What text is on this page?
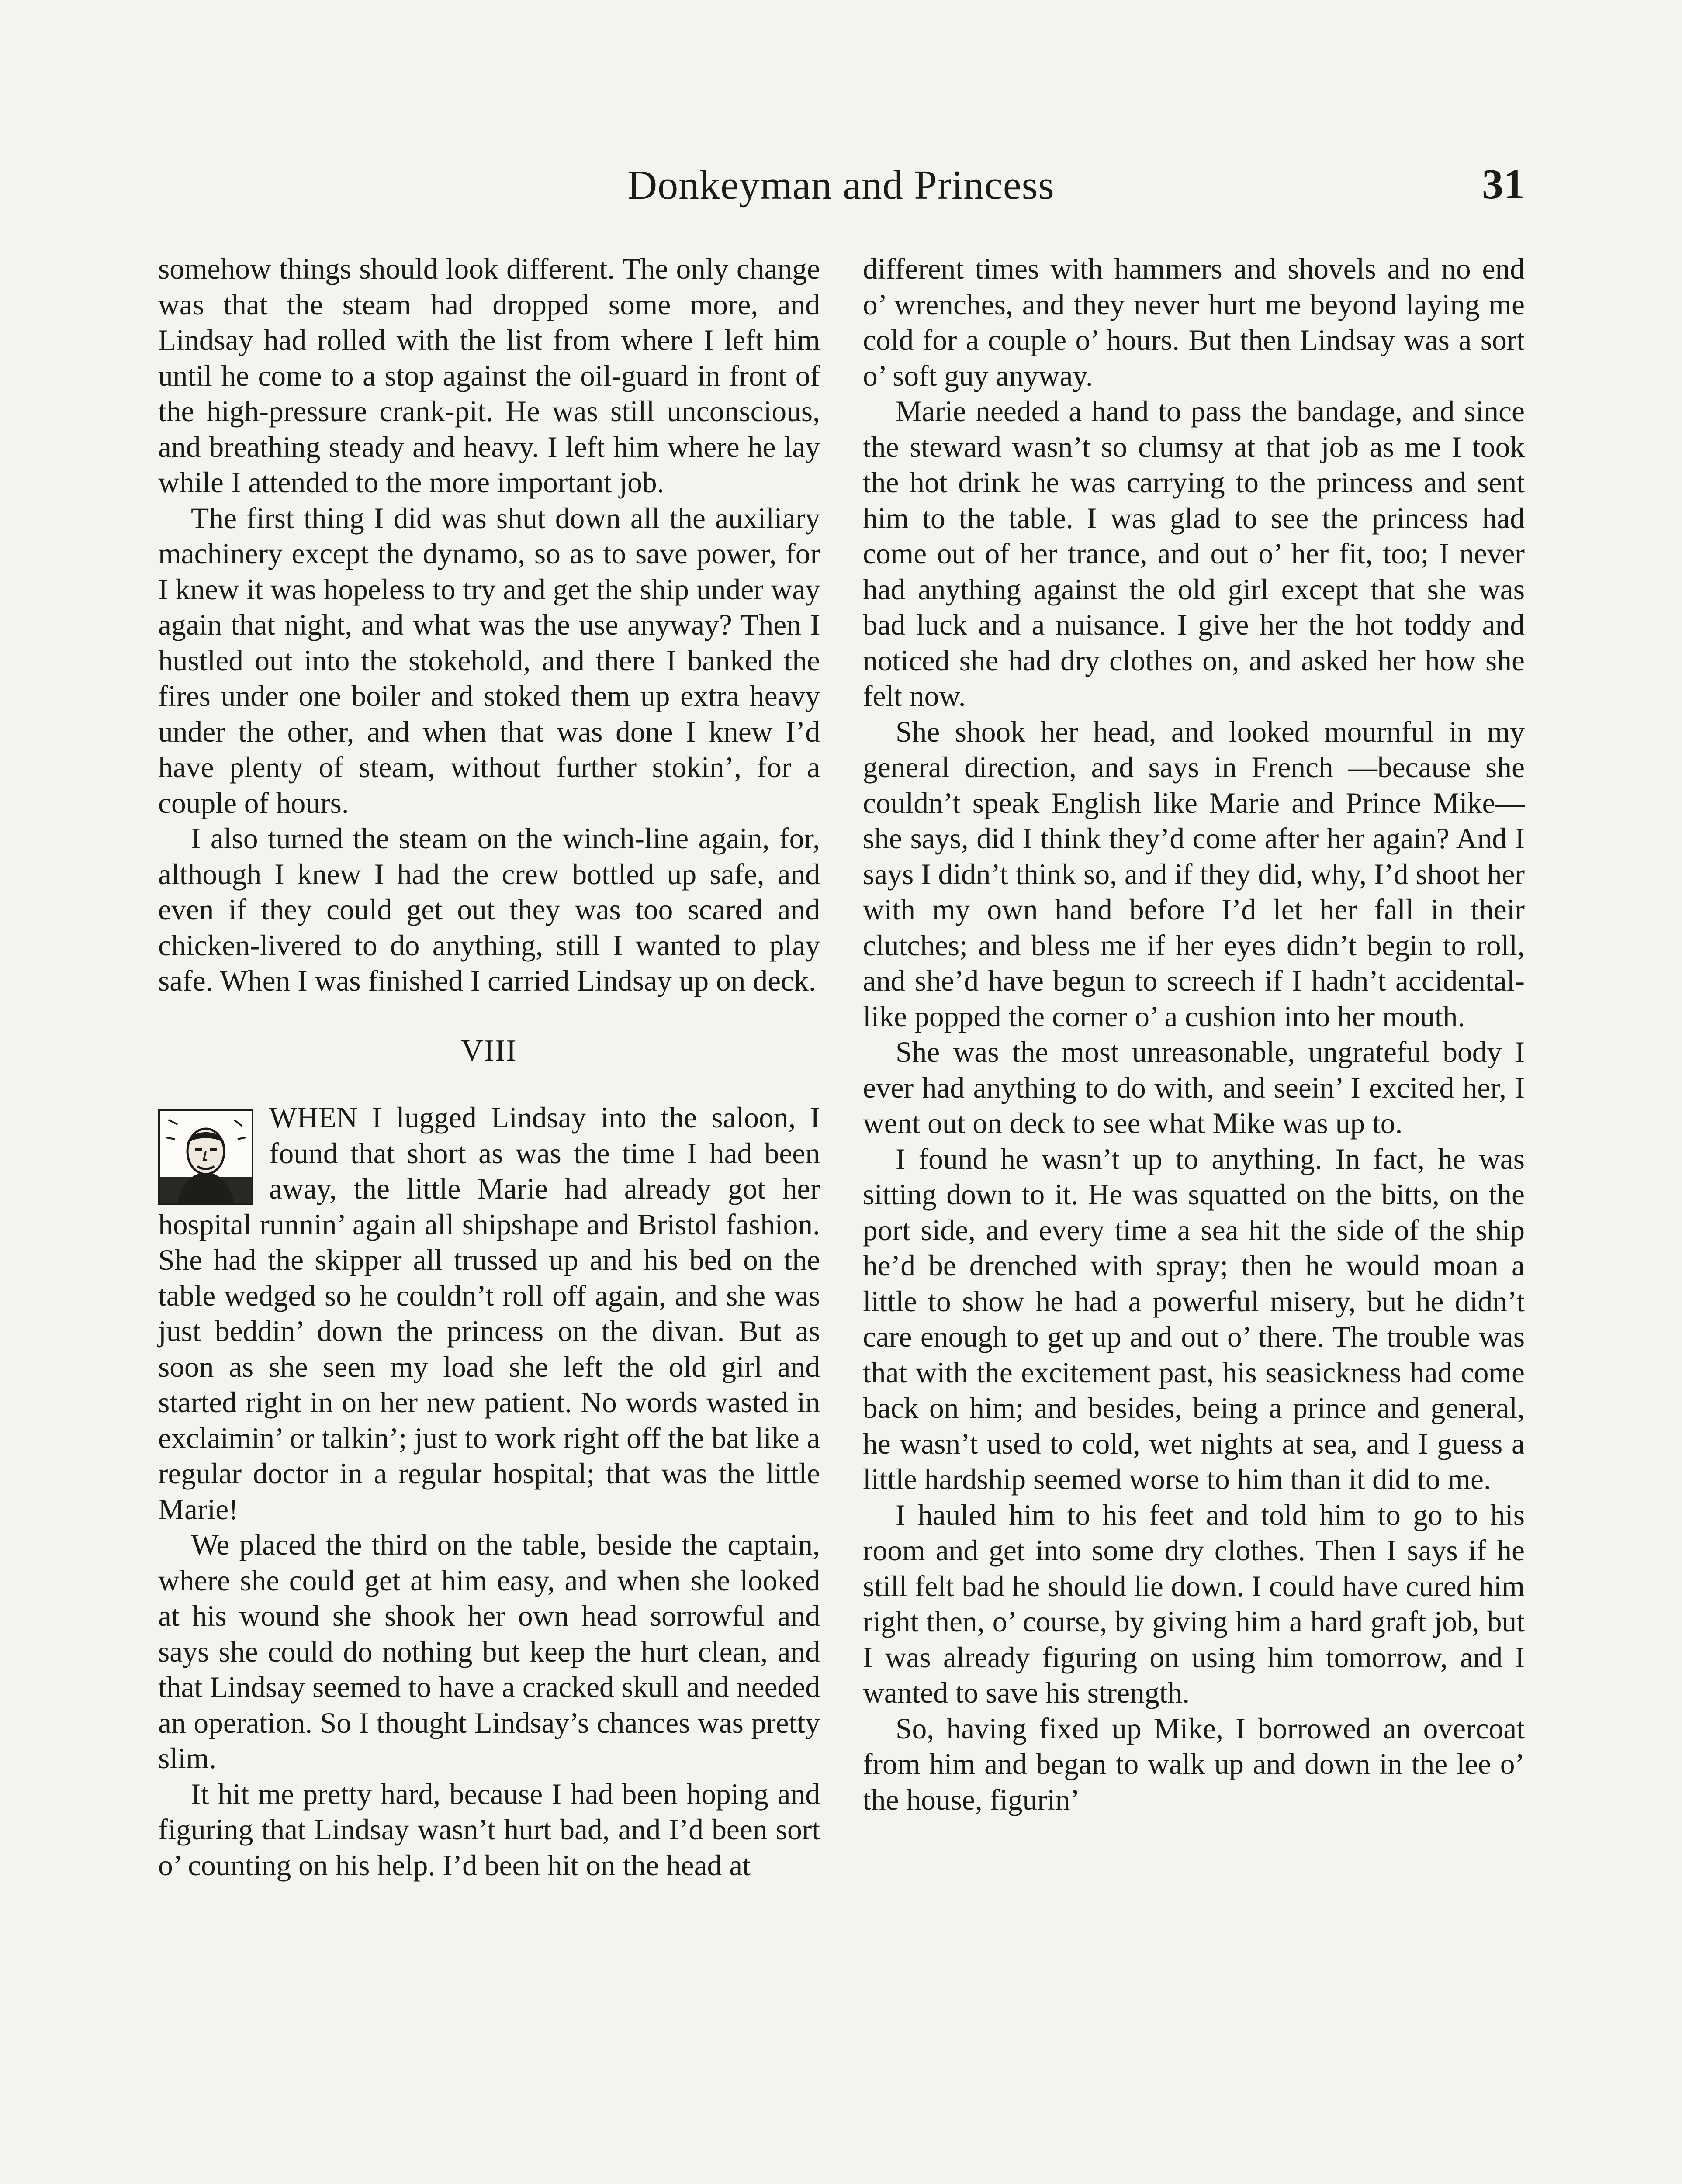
Donkeyman and Princess	31

somehow things should look different. The only change was that the steam had dropped some more, and Lindsay had rolled with the list from where I left him until he come to a stop against the oil-guard in front of the high-pressure crank-pit. He was still unconscious, and breathing steady and heavy. I left him where he lay while I attended to the more important job.

The first thing I did was shut down all the auxiliary machinery except the dynamo, so as to save power, for I knew it was hopeless to try and get the ship under way again that night, and what was the use anyway? Then I hustled out into the stokehold, and there I banked the fires under one boiler and stoked them up extra heavy under the other, and when that was done I knew I’d have plenty of steam, without further stokin’, for a couple of hours.

I also turned the steam on the winch-line again, for, although I knew I had the crew bottled up safe, and even if they could get out they was too scared and chicken-livered to do anything, still I wanted to play safe. When I was finished I carried Lindsay up on deck.

VIII

WHEN I lugged Lindsay into the saloon, I found that short as was the time I had been away, the little Marie had already got her hospital runnin’ again all shipshape and Bristol fashion. She had the skipper all trussed up and his bed on the table wedged so he couldn’t roll off again, and she was just beddin’ down the princess on the divan. But as soon as she seen my load she left the old girl and started right in on her new patient. No words wasted in exclaimin’ or talkin’; just to work right off the bat like a regular doctor in a regular hospital; that was the little Marie!

We placed the third on the table, beside the captain, where she could get at him easy, and when she looked at his wound she shook her own head sorrowful and says she could do nothing but keep the hurt clean, and that Lindsay seemed to have a cracked skull and needed an operation. So I thought Lindsay’s chances was pretty slim.

It hit me pretty hard, because I had been hoping and figuring that Lindsay wasn’t hurt bad, and I’d been sort o’ counting on his help. I’d been hit on the head at

different times with hammers and shovels and no end o’ wrenches, and they never hurt me beyond laying me cold for a couple o’ hours. But then Lindsay was a sort o’ soft guy anyway.

Marie needed a hand to pass the bandage, and since the steward wasn’t so clumsy at that job as me I took the hot drink he was carrying to the princess and sent him to the table. I was glad to see the princess had come out of her trance, and out o’ her fit, too; I never had anything against the old girl except that she was bad luck and a nuisance. I give her the hot toddy and noticed she had dry clothes on, and asked her how she felt now.

She shook her head, and looked mournful in my general direction, and says in French —because she couldn’t speak English like Marie and Prince Mike—she says, did I think they’d come after her again? And I says I didn’t think so, and if they did, why, I’d shoot her with my own hand before I’d let her fall in their clutches; and bless me if her eyes didn’t begin to roll, and she’d have begun to screech if I hadn’t accidental-like popped the corner o’ a cushion into her mouth.

She was the most unreasonable, ungrateful body I ever had anything to do with, and seein’ I excited her, I went out on deck to see what Mike was up to.

I found he wasn’t up to anything. In fact, he was sitting down to it. He was squatted on the bitts, on the port side, and every time a sea hit the side of the ship he’d be drenched with spray; then he would moan a little to show he had a powerful misery, but he didn’t care enough to get up and out o’ there. The trouble was that with the excitement past, his seasickness had come back on him; and besides, being a prince and general, he wasn’t used to cold, wet nights at sea, and I guess a little hardship seemed worse to him than it did to me.

I hauled him to his feet and told him to go to his room and get into some dry clothes. Then I says if he still felt bad he should lie down. I could have cured him right then, o’ course, by giving him a hard graft job, but I was already figuring on using him tomorrow, and I wanted to save his strength.

So, having fixed up Mike, I borrowed an overcoat from him and began to walk up and down in the lee o’ the house, figurin’
